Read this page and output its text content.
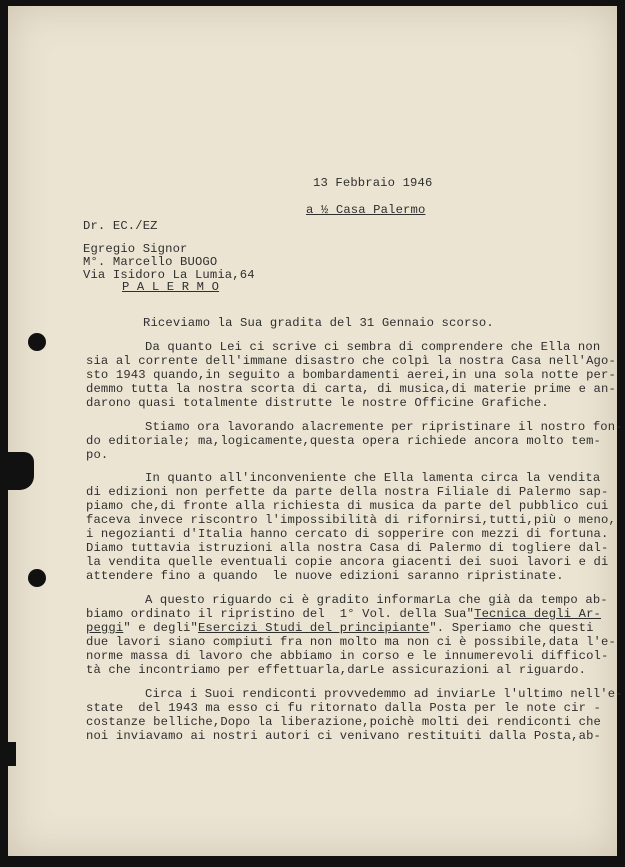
13 Febbraio 1946
a ½ Casa Palermo
Dr. EC./EZ
Egregio Signor
M°. Marcello BUOGO
Via Isidoro La Lumia,64
P A L E R M O
Riceviamo la Sua gradita del 31 Gennaio scorso.
Da quanto Lei ci scrive ci sembra di comprendere che Ella non
sia al corrente dell'immane disastro che colpì la nostra Casa nell'Ago-
sto 1943 quando,in seguito a bombardamenti aerei,in una sola notte per-
demmo tutta la nostra scorta di carta, di musica,di materie prime e an-
darono quasi totalmente distrutte le nostre Officine Grafiche.
Stiamo ora lavorando alacremente per ripristinare il nostro fon-
do editoriale; ma,logicamente,questa opera richiede ancora molto tem-
po.
In quanto all'inconveniente che Ella lamenta circa la vendita
di edizioni non perfette da parte della nostra Filiale di Palermo sap-
piamo che,di fronte alla richiesta di musica da parte del pubblico cui
faceva invece riscontro l'impossibilità di rifornirsi,tutti,più o meno,
i negozianti d'Italia hanno cercato di sopperire con mezzi di fortuna.
Diamo tuttavia istruzioni alla nostra Casa di Palermo di togliere dal-
la vendita quelle eventuali copie ancora giacenti dei suoi lavori e di
attendere fino a quando  le nuove edizioni saranno ripristinate.
A questo riguardo ci è gradito informarLa che già da tempo ab-
biamo ordinato il ripristino del  1° Vol. della Sua"Tecnica degli Ar-
peggi" e degli"Esercizi Studi del principiante". Speriamo che questi
due lavori siano compiuti fra non molto ma non ci è possibile,data l'e-
norme massa di lavoro che abbiamo in corso e le innumerevoli difficol-
tà che incontriamo per effettuarla,darLe assicurazioni al riguardo.
Circa i Suoi rendiconti provvedemmo ad inviarLe l'ultimo nell'e-
state  del 1943 ma esso ci fu ritornato dalla Posta per le note cir -
costanze belliche,Dopo la liberazione,poichè molti dei rendiconti che
noi inviavamo ai nostri autori ci venivano restituiti dalla Posta,ab-
